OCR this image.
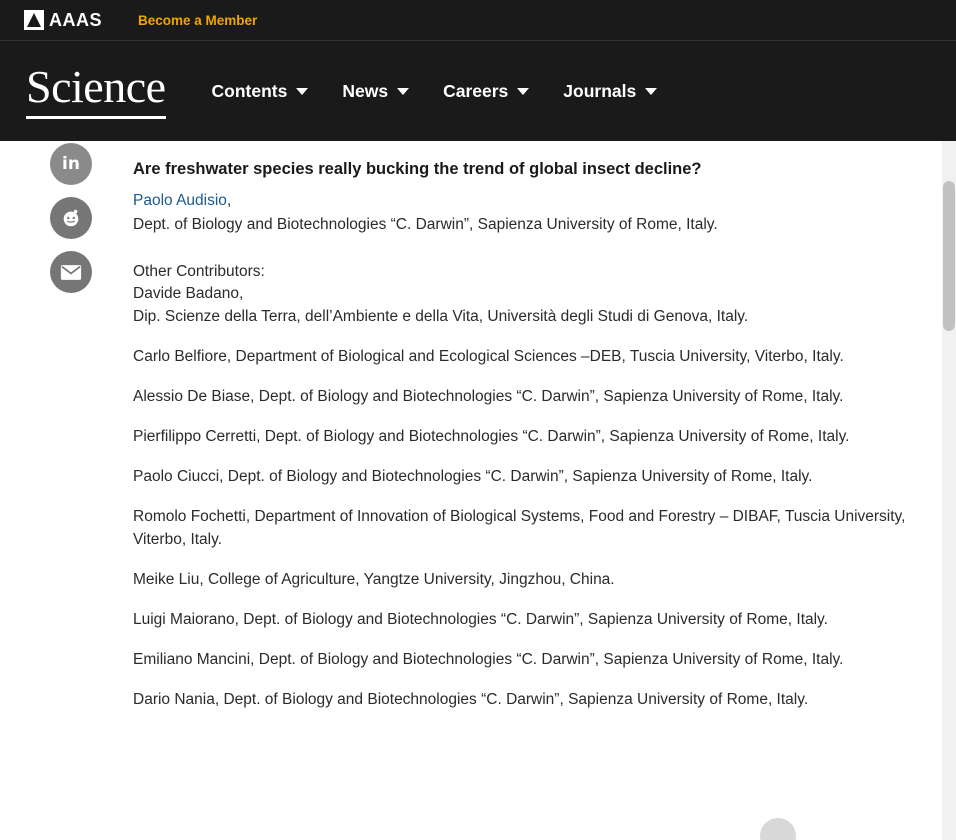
AAAS	Become a Member
Science	Contents	News	Careers	Journals
in	Are freshwater species really bucking the trend of global insect decline?

Paolo Audisio,

Dept. of Biology and Biotechnologies “C. Darwin”, Sapienza University of Rome, Italy.

Other Contributors:

Davide Badano,

Dip. Scienze della Terra, dell’Ambiente e della Vita, Università degli Studi di Genova, Italy.

Carlo Belfiore, Department of Biological and Ecological Sciences –DEB, Tuscia University, Viterbo, Italy.

Alessio De Biase, Dept. of Biology and Biotechnologies “C. Darwin”, Sapienza University of Rome, Italy.

Pierfilippo Cerretti, Dept. of Biology and Biotechnologies “C. Darwin”, Sapienza University of Rome, Italy.

Paolo Ciucci, Dept. of Biology and Biotechnologies “C. Darwin”, Sapienza University of Rome, Italy.

Romolo Fochetti, Department of Innovation of Biological Systems, Food and Forestry – DIBAF, Tuscia University, Viterbo, Italy.

Meike Liu, College of Agriculture, Yangtze University, Jingzhou, China.

Luigi Maiorano, Dept. of Biology and Biotechnologies “C. Darwin”, Sapienza University of Rome, Italy.

Emiliano Mancini, Dept. of Biology and Biotechnologies “C. Darwin”, Sapienza University of Rome, Italy.

Dario Nania, Dept. of Biology and Biotechnologies “C. Darwin”, Sapienza University of Rome, Italy.
